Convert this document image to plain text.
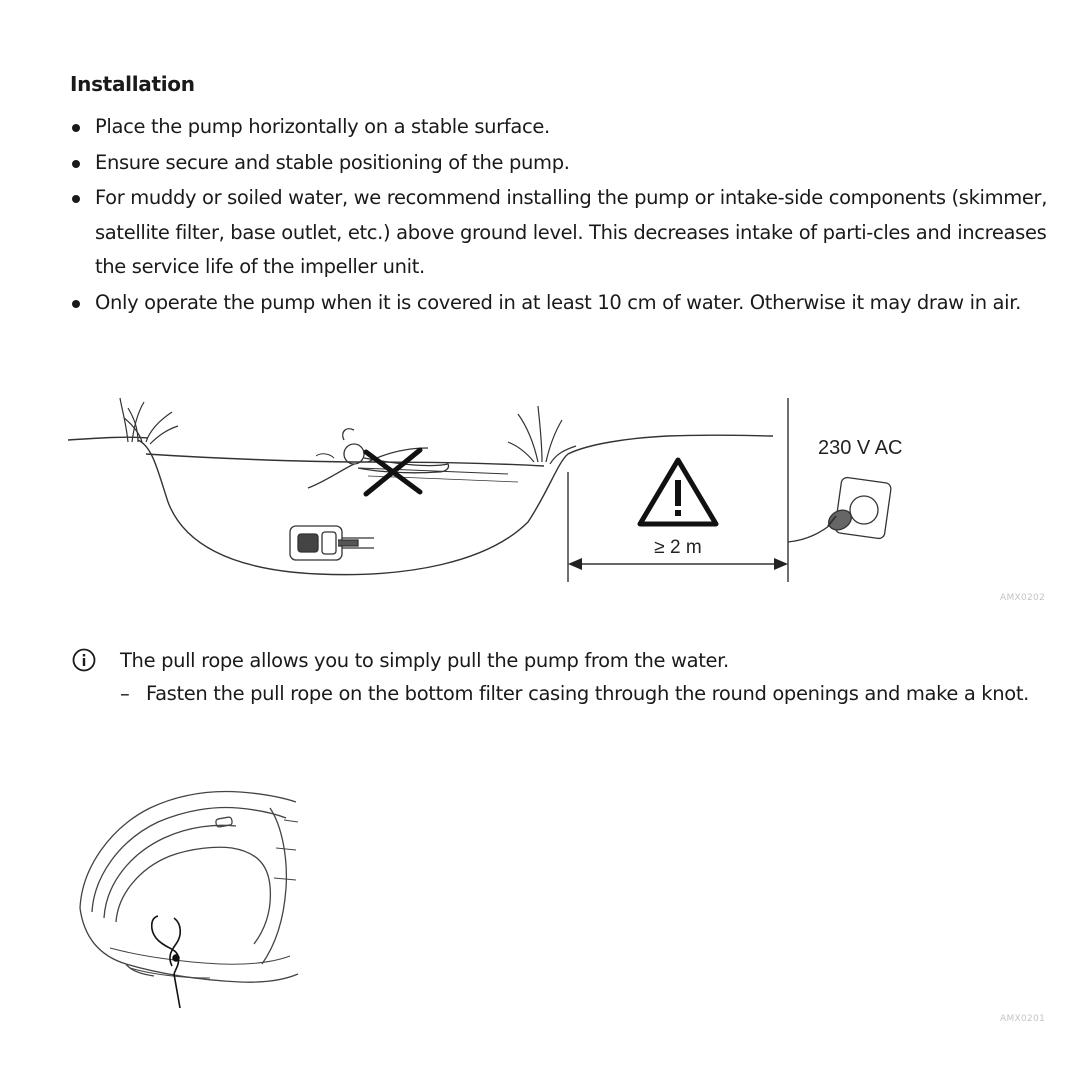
Installation
Place the pump horizontally on a stable surface.
Ensure secure and stable positioning of the pump.
For muddy or soiled water, we recommend installing the pump or intake-side components (skimmer, satellite filter, base outlet, etc.) above ground level. This decreases intake of parti-cles and increases the service life of the impeller unit.
Only operate the pump when it is covered in at least 10 cm of water. Otherwise it may draw in air.
≥ 2 m
230 V AC
AMX0202
The pull rope allows you to simply pull the pump from the water.
– Fasten the pull rope on the bottom filter casing through the round openings and make a knot.
AMX0201
